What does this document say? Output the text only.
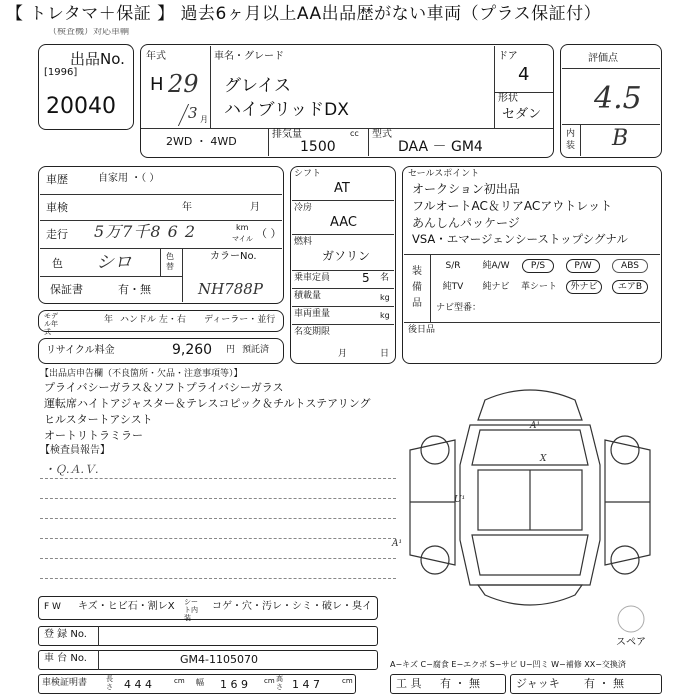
【 トレタマ＋保証 】 過去6ヶ月以上AA出品歴がない車両（プラス保証付）
（検査機）対応車輌
出品No.
[1996]
20040
年式
H 29
3 月
車名・グレード
グレイス
ハイブリッドDX
ドア
4
形状
セダン
2WD ・ 4WD
排気量	cc
1500
型式
DAA － GM4
評価点
4.5
内装 B
車歴	自家用 ・（ ）
車検	年	月
走行 5万7千8 6 2	km
マイル （ ）
色 シロ	色替
カラーNo.
NH788P
保証書	有・無
モデル年式
年 ハンドル 左・右 ディーラー・並行
リサイクル料金	9,260 円 預託済
シフト
AT
冷房
AAC
燃料
ガソリン
乗車定員	5 名
積載量	kg
車両重量	kg
名変期限
月	日
セールスポイント
オークション初出品
フルオートAC＆リアACアウトレット
あんしんパッケージ
VSA・エマージェンシーストップシグナル
装備品
S/R	純A/W	P/S	P/W	ABS
純TV	純ナビ	革シート	外ナビ	エアB
ナビ型番：
後日品
【出品店申告欄（不良箇所・欠品・注意事項等）】
プライバシーガラス＆ソフトプライバシーガラス
運転席ハイトアジャスター＆テレスコピック＆チルトステアリング
ヒルスタートアシスト
オートリトラミラー
【検査員報告】
・Ｑ.Ａ.Ｖ.
A¹
X
U¹
A¹
F W キズ・ヒビ石・割レX シート内装
コゲ・穴・汚レ・シミ・破レ・臭イ
スペア
登 録 No.
車 台 No.	GM4-1105070	A−キズ C−腐食 E−エクボ S−サビ U−凹ミ W−補修 XX−交換済
車検証明書	長さ 4 4 4	cm 幅 1 6 9 cm 高さ 1 4 7	cm	工 具 有 ・ 無	ジャッキ 有 ・ 無
